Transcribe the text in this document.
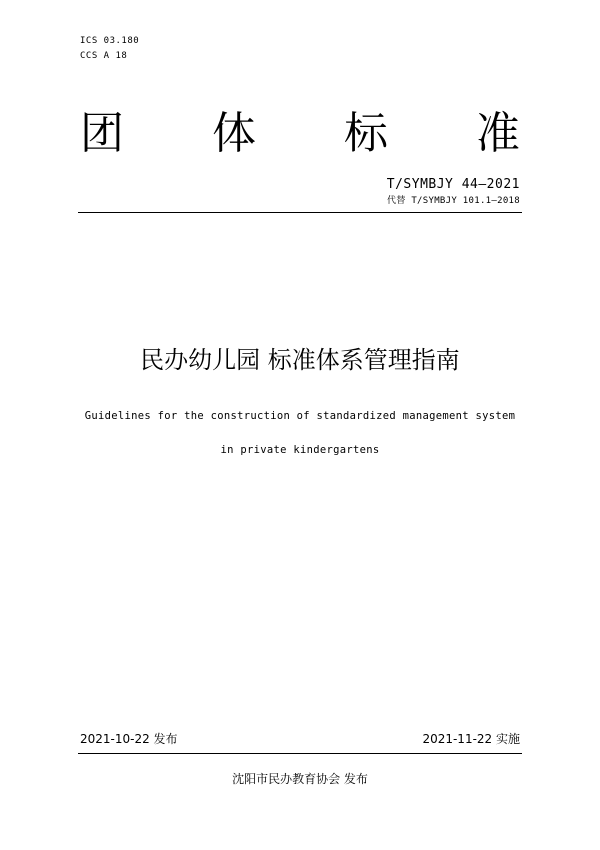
ICS 03.180
CCS A 18
团 体 标 准
T/SYMBJY 44—2021
代替 T/SYMBJY 101.1—2018
民办幼儿园 标准体系管理指南
Guidelines for the construction of standardized management system
in private kindergartens
2021-10-22 发布	2021-11-22 实施
沈阳市民办教育协会 发布
